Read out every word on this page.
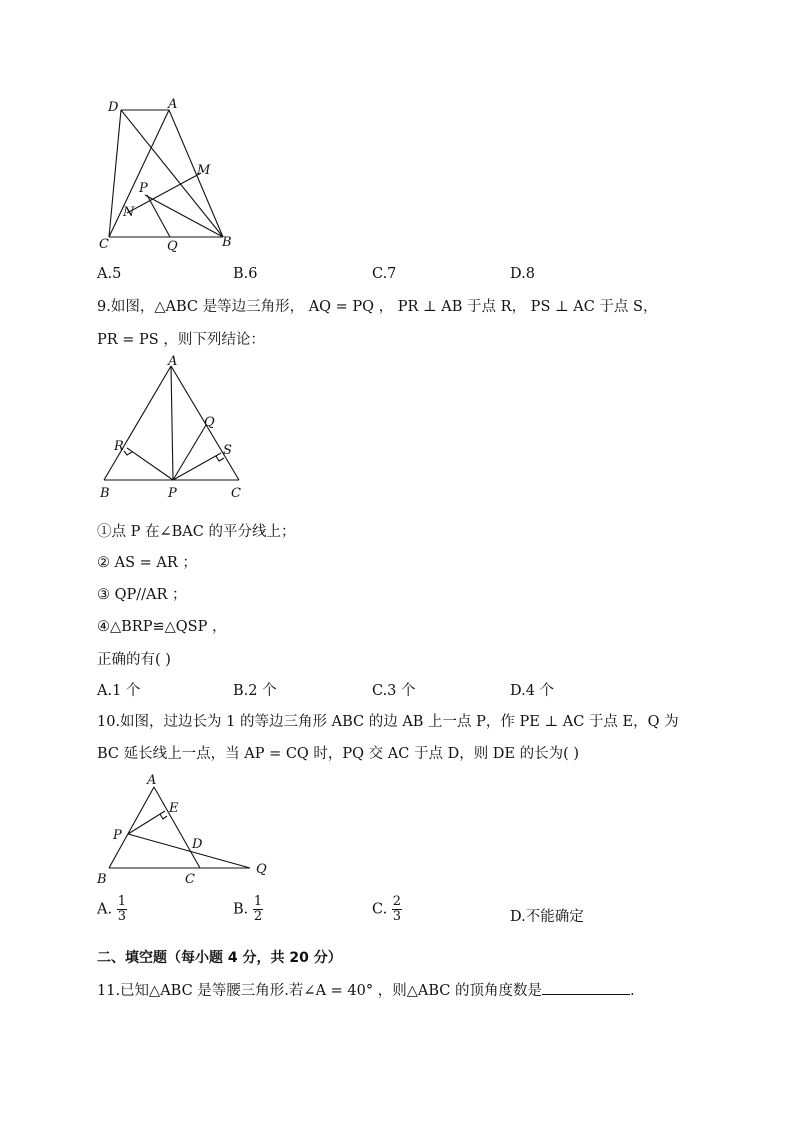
D	A
M
P
N
C	Q	B
A.5	B.6	C.7	D.8
9.如图，△ABC 是等边三角形， AQ = PQ ， PR ⊥ AB 于点 R， PS ⊥ AC 于点 S，
PR = PS ，则下列结论：
A
R
Q
S
B	P	C
①点 P 在∠BAC 的平分线上；
② AS = AR ；
③ QP//AR ；
④△BRP≌△QSP ，
正确的有( )
A.1 个	B.2 个	C.3 个	D.4 个
10.如图，过边长为 1 的等边三角形 ABC 的边 AB 上一点 P，作 PE ⊥ AC 于点 E，Q 为
BC 延长线上一点，当 AP = CQ 时，PQ 交 AC 于点 D，则 DE 的长为( )
A
E
P
D
Q
B	C
A. $\frac{1}{3}$	B. $\frac{1}{2}$	C. $\frac{2}{3}$	D.不能确定
二、填空题（每小题 4 分，共 20 分）
11.已知△ABC 是等腰三角形.若∠A = 40° ，则△ABC 的顶角度数是	.
